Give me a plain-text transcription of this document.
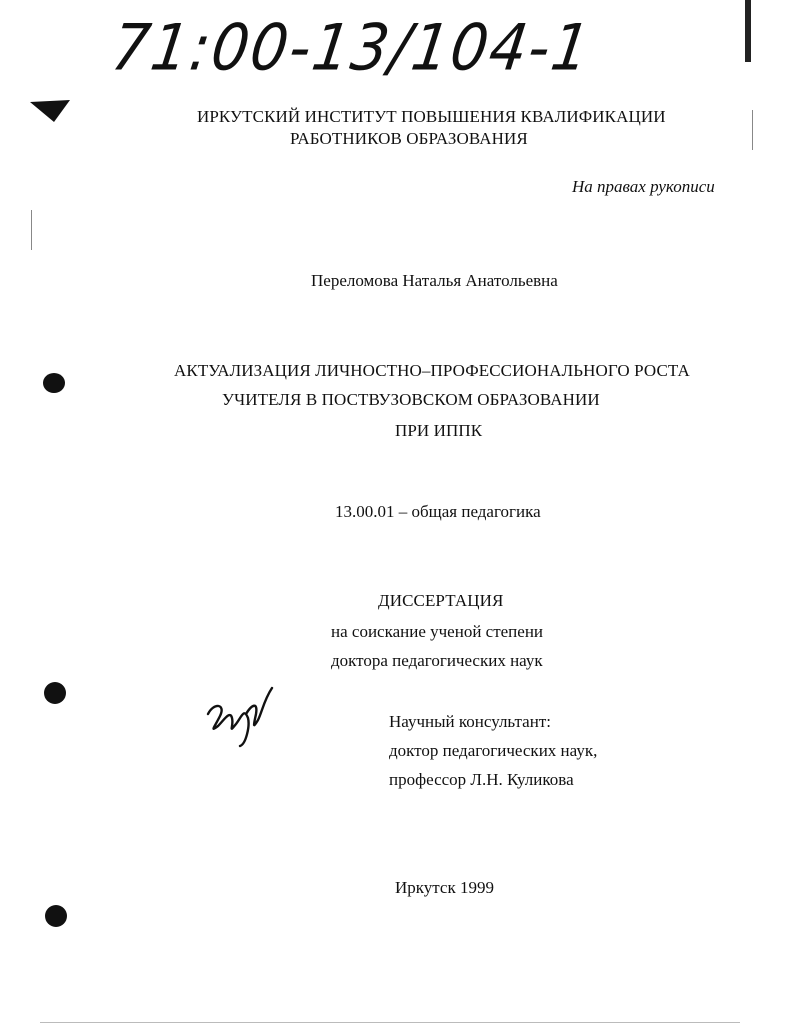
71:00-13/104-1
ИРКУТСКИЙ ИНСТИТУТ ПОВЫШЕНИЯ КВАЛИФИКАЦИИ
РАБОТНИКОВ ОБРАЗОВАНИЯ
На правах рукописи
Переломова Наталья Анатольевна
АКТУАЛИЗАЦИЯ ЛИЧНОСТНО–ПРОФЕССИОНАЛЬНОГО РОСТА
УЧИТЕЛЯ В ПОСТВУЗОВСКОМ ОБРАЗОВАНИИ
ПРИ ИППК
13.00.01 – общая педагогика
ДИССЕРТАЦИЯ
на соискание ученой степени
доктора педагогических наук
Научный консультант:
доктор педагогических наук,
профессор Л.Н. Куликова
Иркутск 1999
